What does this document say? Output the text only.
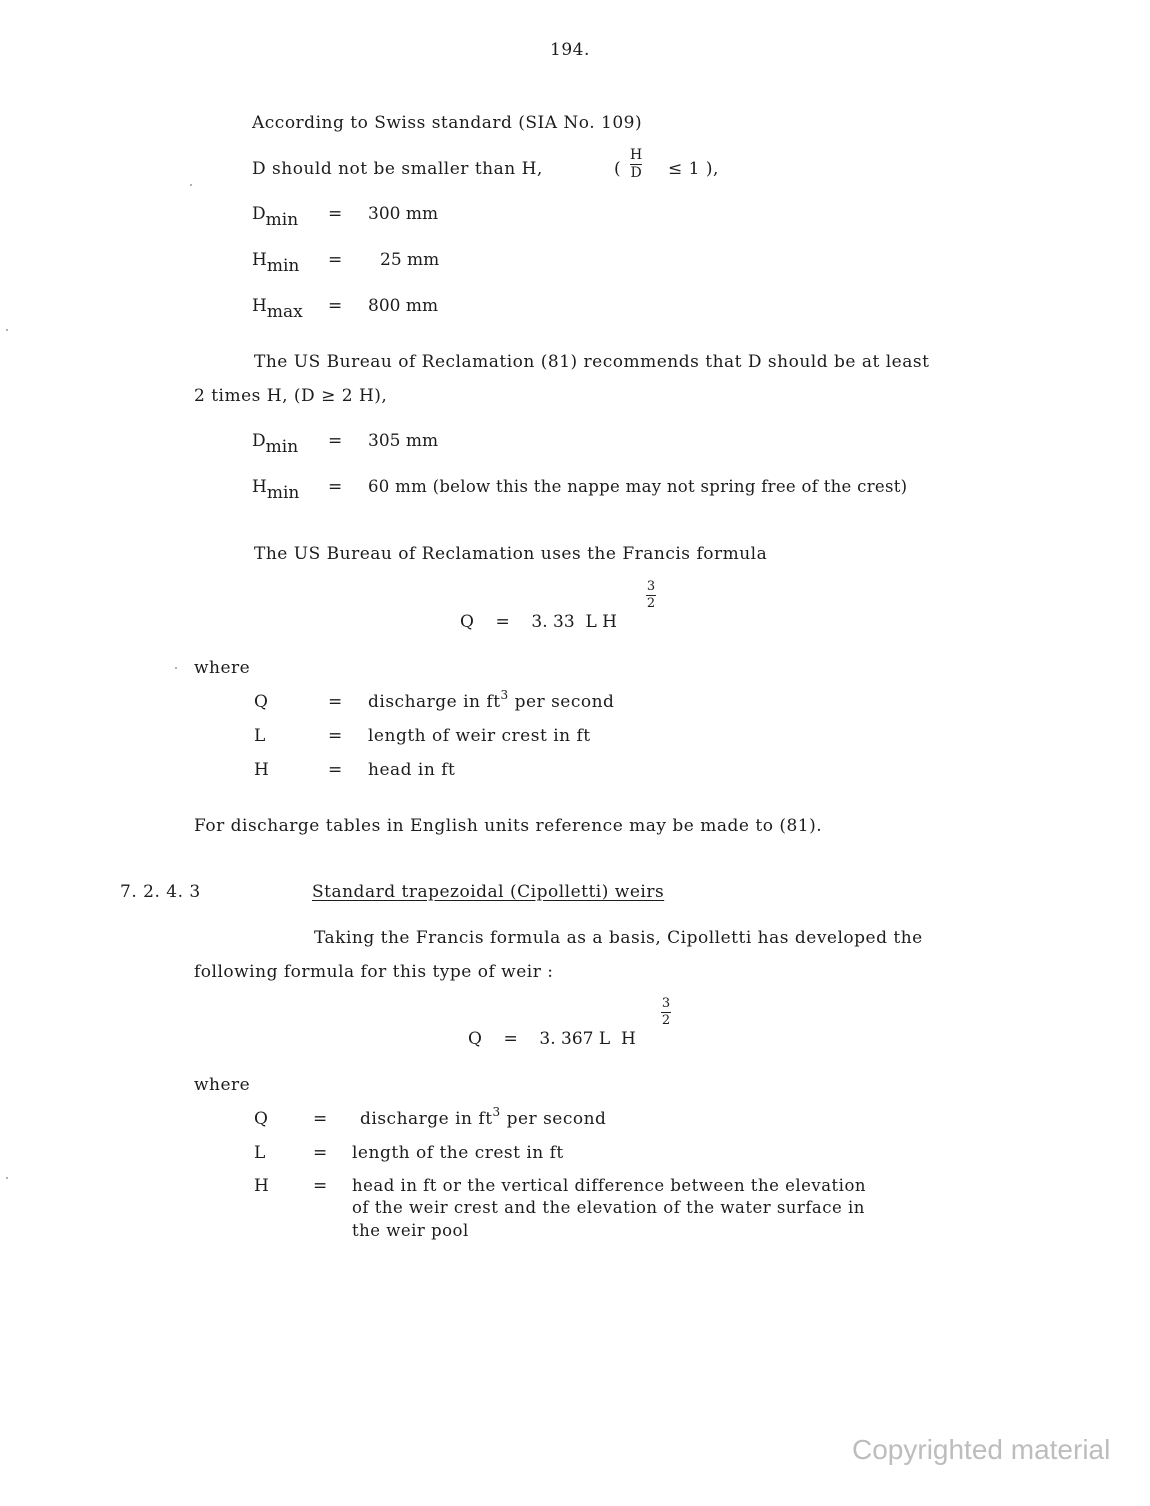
194.
According to Swiss standard (SIA No. 109)
D should not be smaller than H,	(
H
D ≤ 1 ),
Dmin = 300 mm
Hmin = 25 mm
Hmax = 800 mm
The US Bureau of Reclamation (81) recommends that D should be at least
2 times H, (D ≥ 2 H),
Dmin = 305 mm
Hmin = 60 mm (below this the nappe may not spring free of the crest)
The US Bureau of Reclamation uses the Francis formula
Q    =    3. 33  L H
3
2
where
Q	= discharge in $ft^3$ per second
L	= length of weir crest in ft
H	= head in ft
For discharge tables in English units reference may be made to (81).
7. 2. 4. 3	Standard trapezoidal (Cipolletti) weirs
Taking the Francis formula as a basis, Cipolletti has developed the
following formula for this type of weir :
Q    =    3. 367 L  H
3
2
where
Q	= discharge in $ft^3$ per second
L	= length of the crest in ft
H	= head in ft or the vertical difference between the elevation
of the weir crest and the elevation of the water surface in
the weir pool
Copyrighted material
